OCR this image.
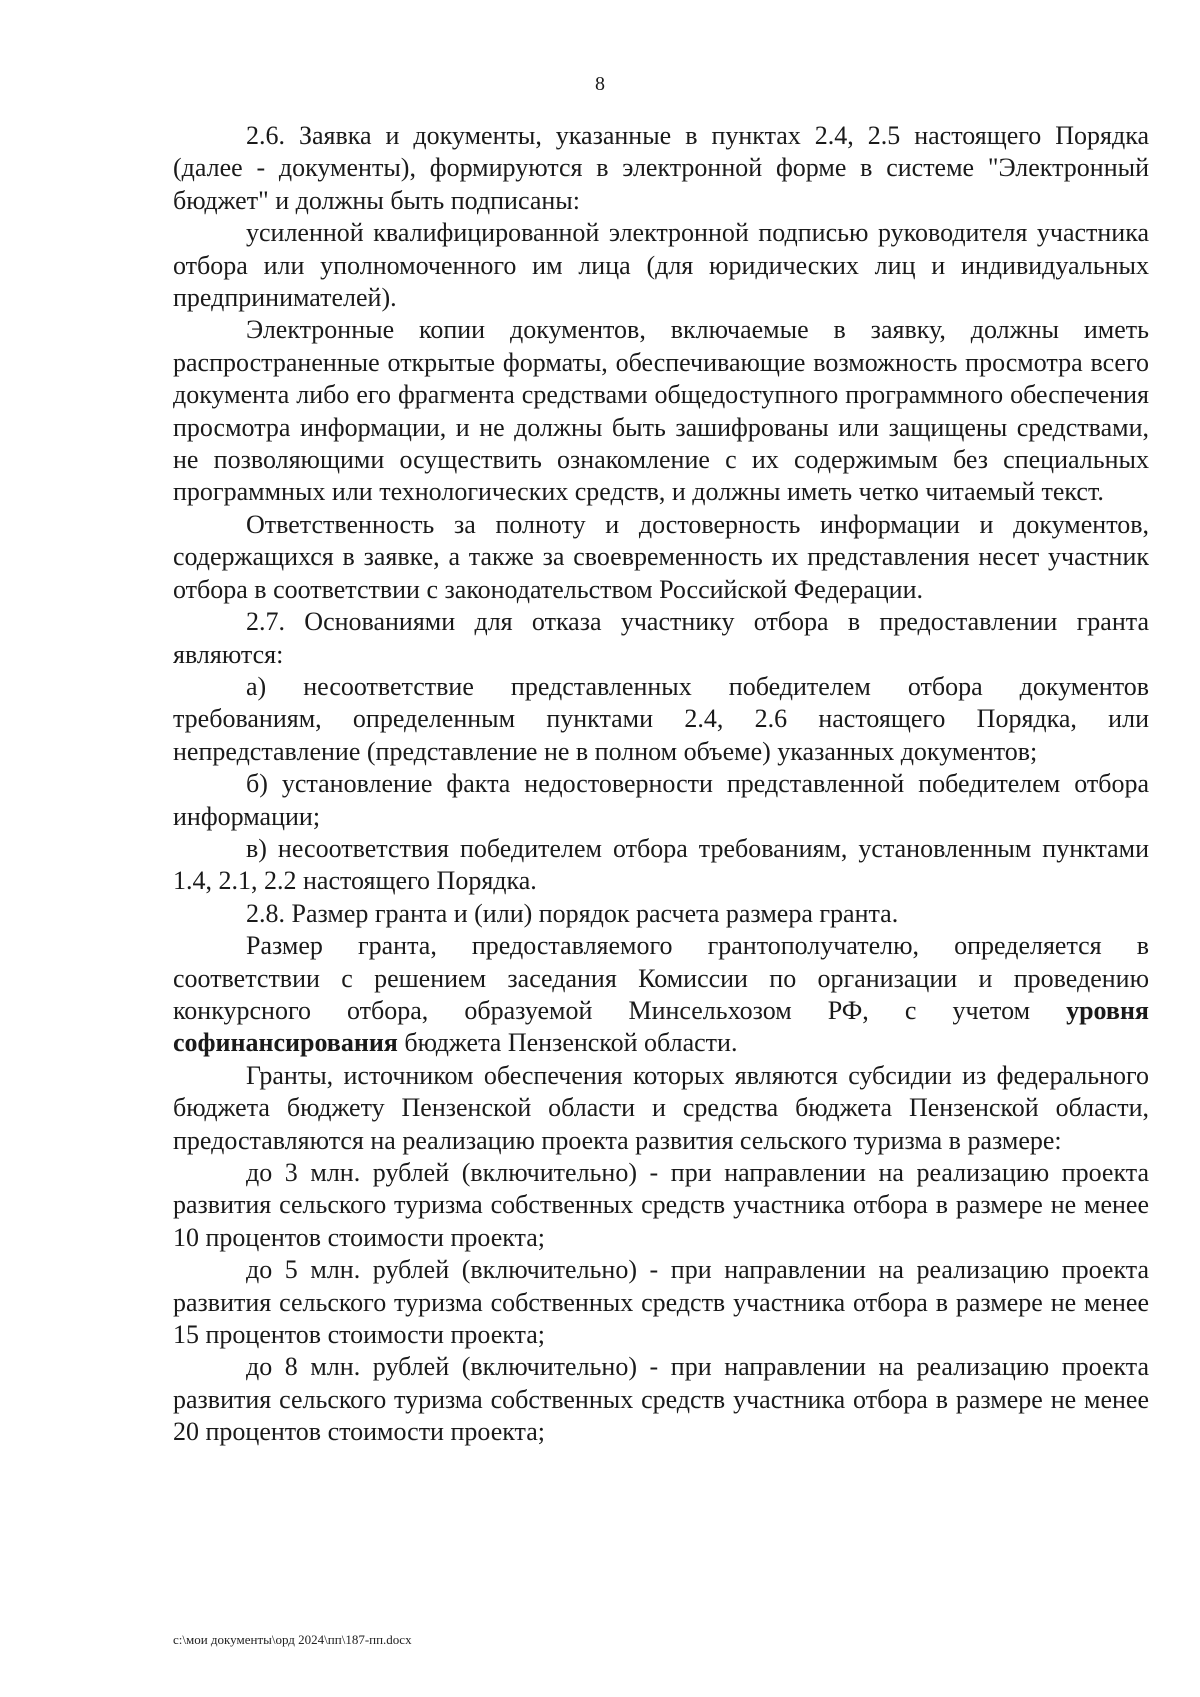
8

2.6. Заявка и документы, указанные в пунктах 2.4, 2.5 настоящего Порядка (далее - документы), формируются в электронной форме в системе "Электронный бюджет" и должны быть подписаны:

усиленной квалифицированной электронной подписью руководителя участника отбора или уполномоченного им лица (для юридических лиц и индивидуальных предпринимателей).

Электронные копии документов, включаемые в заявку, должны иметь распространенные открытые форматы, обеспечивающие возможность просмотра всего документа либо его фрагмента средствами общедоступного программного обеспечения просмотра информации, и не должны быть зашифрованы или защищены средствами, не позволяющими осуществить ознакомление с их содержимым без специальных программных или технологических средств, и должны иметь четко читаемый текст.

Ответственность за полноту и достоверность информации и документов, содержащихся в заявке, а также за своевременность их представления несет участник отбора в соответствии с законодательством Российской Федерации.

2.7. Основаниями для отказа участнику отбора в предоставлении гранта являются:

а) несоответствие представленных победителем отбора документов требованиям, определенным пунктами 2.4, 2.6 настоящего Порядка, или непредставление (представление не в полном объеме) указанных документов;

б) установление факта недостоверности представленной победителем отбора информации;

в) несоответствия победителем отбора требованиям, установленным пунктами 1.4, 2.1, 2.2 настоящего Порядка.

2.8. Размер гранта и (или) порядок расчета размера гранта.

Размер гранта, предоставляемого грантополучателю, определяется в соответствии с решением заседания Комиссии по организации и проведению конкурсного отбора, образуемой Минсельхозом РФ, с учетом уровня софинансирования бюджета Пензенской области.

Гранты, источником обеспечения которых являются субсидии из федерального бюджета бюджету Пензенской области и средства бюджета Пензенской области, предоставляются на реализацию проекта развития сельского туризма в размере:

до 3 млн. рублей (включительно) - при направлении на реализацию проекта развития сельского туризма собственных средств участника отбора в размере не менее 10 процентов стоимости проекта;

до 5 млн. рублей (включительно) - при направлении на реализацию проекта развития сельского туризма собственных средств участника отбора в размере не менее 15 процентов стоимости проекта;

до 8 млн. рублей (включительно) - при направлении на реализацию проекта развития сельского туризма собственных средств участника отбора в размере не менее 20 процентов стоимости проекта;

c:\мои документы\орд 2024\пп\187-пп.docx
